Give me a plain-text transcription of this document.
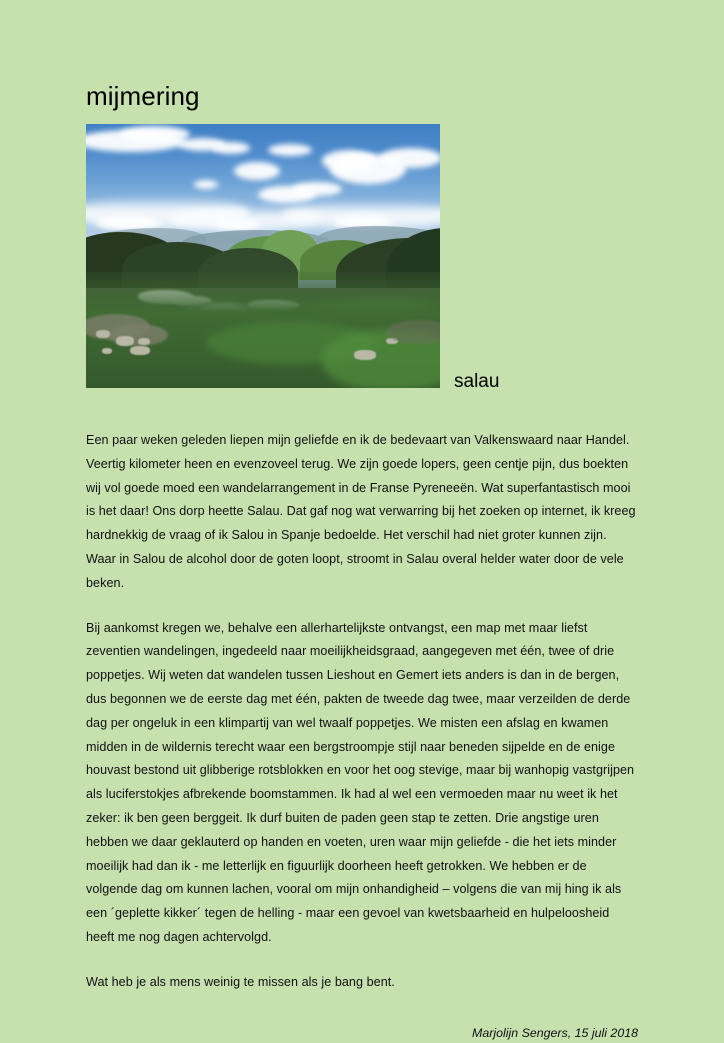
mijmering
salau

Een paar weken geleden liepen mijn geliefde en ik de bedevaart van Valkenswaard naar Handel. Veertig kilometer heen en evenzoveel terug. We zijn goede lopers, geen centje pijn, dus boekten wij vol goede moed een wandelarrangement in de Franse Pyreneeën. Wat superfantastisch mooi is het daar! Ons dorp heette Salau. Dat gaf nog wat verwarring bij het zoeken op internet, ik kreeg hardnekkig de vraag of ik Salou in Spanje bedoelde. Het verschil had niet groter kunnen zijn. Waar in Salou de alcohol door de goten loopt, stroomt in Salau overal helder water door de vele beken.

Bij aankomst kregen we, behalve een allerhartelijkste ontvangst, een map met maar liefst zeventien wandelingen, ingedeeld naar moeilijkheidsgraad, aangegeven met één, twee of drie poppetjes. Wij weten dat wandelen tussen Lieshout en Gemert iets anders is dan in de bergen, dus begonnen we de eerste dag met één, pakten de tweede dag twee, maar verzeilden de derde dag per ongeluk in een klimpartij van wel twaalf poppetjes. We misten een afslag en kwamen midden in de wildernis terecht waar een bergstroompje stijl naar beneden sijpelde en de enige houvast bestond uit glibberige rotsblokken en voor het oog stevige, maar bij wanhopig vastgrijpen als luciferstokjes afbrekende boomstammen. Ik had al wel een vermoeden maar nu weet ik het zeker: ik ben geen berggeit. Ik durf buiten de paden geen stap te zetten. Drie angstige uren hebben we daar geklauterd op handen en voeten, uren waar mijn geliefde - die het iets minder moeilijk had dan ik - me letterlijk en figuurlijk doorheen heeft getrokken. We hebben er de volgende dag om kunnen lachen, vooral om mijn onhandigheid – volgens die van mij hing ik als een ´geplette kikker´ tegen de helling - maar een gevoel van kwetsbaarheid en hulpeloosheid heeft me nog dagen achtervolgd.

Wat heb je als mens weinig te missen als je bang bent.

Marjolijn Sengers, 15 juli 2018
